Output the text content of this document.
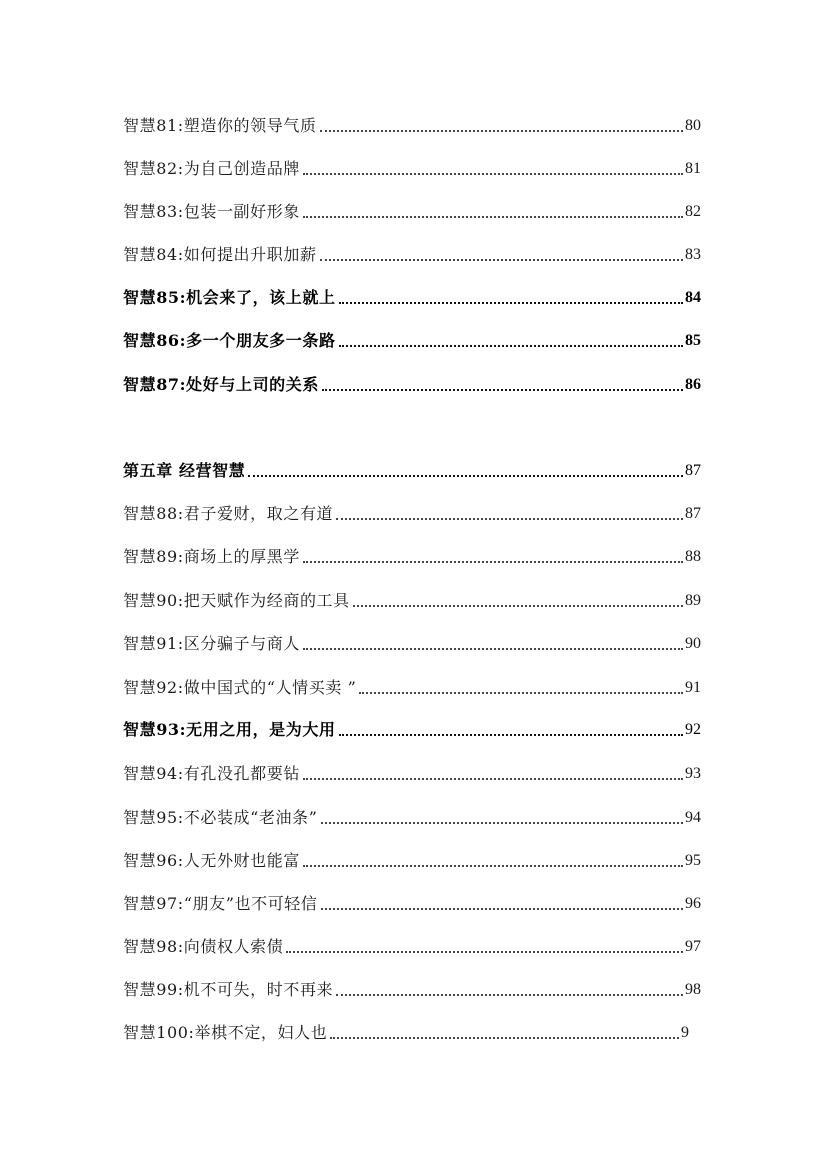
智慧81:塑造你的领导气质	80
智慧82:为自己创造品牌	81
智慧83:包装一副好形象	82
智慧84:如何提出升职加薪	83
智慧85:机会来了，该上就上	84
智慧86:多一个朋友多一条路	85
智慧87:处好与上司的关系	86
第五章 经营智慧	87
智慧88:君子爱财，取之有道	87
智慧89:商场上的厚黑学	88
智慧90:把天赋作为经商的工具	89
智慧91:区分骗子与商人	90
智慧92:做中国式的“人情买卖 ”	91
智慧93:无用之用，是为大用	92
智慧94:有孔没孔都要钻	93
智慧95:不必装成“老油条”	94
智慧96:人无外财也能富	95
智慧97:“朋友”也不可轻信	96
智慧98:向债权人索债	97
智慧99:机不可失，时不再来	98
智慧100:举棋不定，妇人也	9
